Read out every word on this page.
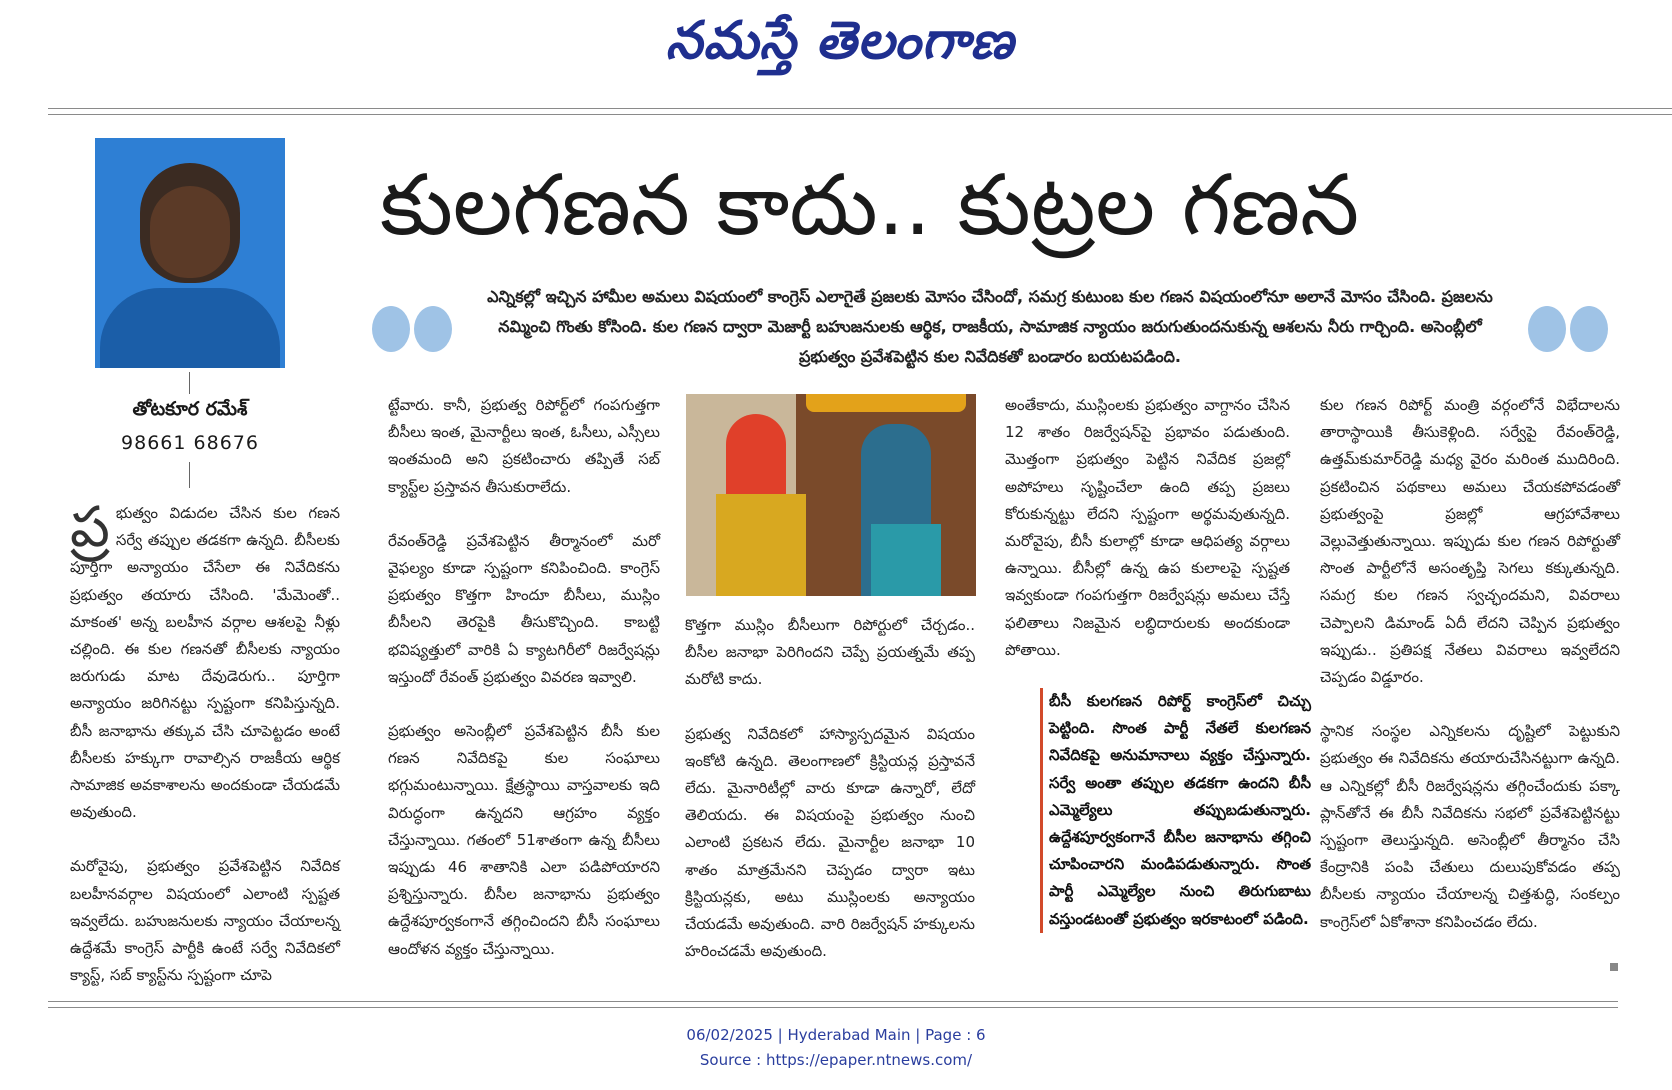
నమస్తే తెలంగాణ
తోటకూర రమేశ్
98661 68676
కులగణన కాదు.. కుట్రల గణన
ఎన్నికల్లో ఇచ్చిన హామీల అమలు విషయంలో కాంగ్రెస్ ఎలాగైతే ప్రజలకు మోసం చేసిందో, సమగ్ర కుటుంబ కుల గణన విషయంలోనూ అలానే మోసం చేసింది. ప్రజలను నమ్మించి గొంతు కోసింది. కుల గణన ద్వారా మెజార్టీ బహుజనులకు ఆర్థిక, రాజకీయ, సామాజిక న్యాయం జరుగుతుందనుకున్న ఆశలను నీరు గార్చింది. అసెంబ్లీలో ప్రభుత్వం ప్రవేశపెట్టిన కుల నివేదికతో బండారం బయటపడింది.

ప్ర భుత్వం విడుదల చేసిన కుల గణన సర్వే తప్పుల తడకగా ఉన్నది. బీసీలకు పూర్తిగా అన్యాయం చేసేలా ఈ నివేదికను ప్రభుత్వం తయారు చేసింది. 'మేమెంతో.. మాకంత' అన్న బలహీన వర్గాల ఆశలపై నీళ్లు చల్లింది. ఈ కుల గణనతో బీసీలకు న్యాయం జరుగుడు మాట దేవుడెరుగు.. పూర్తిగా అన్యాయం జరిగినట్టు స్పష్టంగా కనిపిస్తున్నది. బీసీ జనాభాను తక్కువ చేసి చూపెట్టడం అంటే బీసీలకు హక్కుగా రావాల్సిన రాజకీయ ఆర్థిక సామాజిక అవకాశాలను అందకుండా చేయడమే అవుతుంది.

మరోవైపు, ప్రభుత్వం ప్రవేశపెట్టిన నివేదిక బలహీనవర్గాల విషయంలో ఎలాంటి స్పష్టత ఇవ్వలేదు. బహుజనులకు న్యాయం చేయాలన్న ఉద్దేశమే కాంగ్రెస్ పార్టీకి ఉంటే సర్వే నివేదికలో క్యాస్ట్, సబ్ క్యాస్ట్‌ను స్పష్టంగా చూపె

ట్టేవారు. కానీ, ప్రభుత్వ రిపోర్ట్‌లో గంపగుత్తగా బీసీలు ఇంత, మైనార్టీలు ఇంత, ఓసీలు, ఎస్సీలు ఇంతమంది అని ప్రకటించారు తప్పితే సబ్ క్యాస్ట్‌ల ప్రస్తావన తీసుకురాలేదు.

రేవంత్‌రెడ్డి ప్రవేశపెట్టిన తీర్మానంలో మరో వైఫల్యం కూడా స్పష్టంగా కనిపించింది. కాంగ్రెస్ ప్రభుత్వం కొత్తగా హిందూ బీసీలు, ముస్లిం బీసీలని తెరపైకి తీసుకొచ్చింది. కాబట్టి భవిష్యత్తులో వారికి ఏ క్యాటగిరీలో రిజర్వేషన్లు ఇస్తుందో రేవంత్ ప్రభుత్వం వివరణ ఇవ్వాలి.

ప్రభుత్వం అసెంబ్లీలో ప్రవేశపెట్టిన బీసీ కుల గణన నివేదికపై కుల సంఘాలు భగ్గుమంటున్నాయి. క్షేత్రస్థాయి వాస్తవాలకు ఇది విరుద్ధంగా ఉన్నదని ఆగ్రహం వ్యక్తం చేస్తున్నాయి. గతంలో 51శాతంగా ఉన్న బీసీలు ఇప్పుడు 46 శాతానికి ఎలా పడిపోయారని ప్రశ్నిస్తున్నారు. బీసీల జనాభాను ప్రభుత్వం ఉద్దేశపూర్వకంగానే తగ్గించిందని బీసీ సంఘాలు ఆందోళన వ్యక్తం చేస్తున్నాయి.

కొత్తగా ముస్లిం బీసీలుగా రిపోర్టులో చేర్చడం.. బీసీల జనాభా పెరిగిందని చెప్పే ప్రయత్నమే తప్ప మరోటి కాదు.

ప్రభుత్వ నివేదికలో హాస్యాస్పదమైన విషయం ఇంకోటి ఉన్నది. తెలంగాణలో క్రిస్టియన్ల ప్రస్తావనే లేదు. మైనారిటీల్లో వారు కూడా ఉన్నారో, లేదో తెలియదు. ఈ విషయంపై ప్రభుత్వం నుంచి ఎలాంటి ప్రకటన లేదు. మైనార్టీల జనాభా 10 శాతం మాత్రమేనని చెప్పడం ద్వారా ఇటు క్రిస్టియన్లకు, అటు ముస్లింలకు అన్యాయం చేయడమే అవుతుంది. వారి రిజర్వేషన్ హక్కులను హరించడమే అవుతుంది.

అంతేకాదు, ముస్లింలకు ప్రభుత్వం వాగ్దానం చేసిన 12 శాతం రిజర్వేషన్‌పై ప్రభావం పడుతుంది. మొత్తంగా ప్రభుత్వం పెట్టిన నివేదిక ప్రజల్లో అపోహలు సృష్టించేలా ఉంది తప్ప ప్రజలు కోరుకున్నట్టు లేదని స్పష్టంగా అర్థమవుతున్నది. మరోవైపు, బీసీ కులాల్లో కూడా ఆధిపత్య వర్గాలు ఉన్నాయి. బీసీల్లో ఉన్న ఉప కులాలపై స్పష్టత ఇవ్వకుండా గంపగుత్తగా రిజర్వేషన్లు అమలు చేస్తే ఫలితాలు నిజమైన లబ్ధిదారులకు అందకుండా పోతాయి.

బీసీ కులగణన రిపోర్ట్ కాంగ్రెస్‌లో చిచ్చు పెట్టింది. సొంత పార్టీ నేతలే కులగణన నివేదికపై అనుమానాలు వ్యక్తం చేస్తున్నారు. సర్వే అంతా తప్పుల తడకగా ఉందని బీసీ ఎమ్మెల్యేలు తప్పుబడుతున్నారు. ఉద్దేశపూర్వకంగానే బీసీల జనాభాను తగ్గించి చూపించారని మండిపడుతున్నారు. సొంత పార్టీ ఎమ్మెల్యేల నుంచి తిరుగుబాటు వస్తుండటంతో ప్రభుత్వం ఇరకాటంలో పడింది.

కుల గణన రిపోర్ట్ మంత్రి వర్గంలోనే విభేదాలను తారాస్థాయికి తీసుకెళ్లింది. సర్వేపై రేవంత్‌రెడ్డి, ఉత్తమ్‌కుమార్‌రెడ్డి మధ్య వైరం మరింత ముదిరింది. ప్రకటించిన పథకాలు అమలు చేయకపోవడంతో ప్రభుత్వంపై ప్రజల్లో ఆగ్రహావేశాలు వెల్లువెత్తుతున్నాయి. ఇప్పుడు కుల గణన రిపోర్టుతో సొంత పార్టీలోనే అసంతృప్తి సెగలు కక్కుతున్నది. సమగ్ర కుల గణన స్వచ్ఛందమని, వివరాలు చెప్పాలని డిమాండ్ ఏదీ లేదని చెప్పిన ప్రభుత్వం ఇప్పుడు.. ప్రతిపక్ష నేతలు వివరాలు ఇవ్వలేదని చెప్పడం విడ్డూరం.

స్థానిక సంస్థల ఎన్నికలను దృష్టిలో పెట్టుకుని ప్రభుత్వం ఈ నివేదికను తయారుచేసినట్టుగా ఉన్నది. ఆ ఎన్నికల్లో బీసీ రిజర్వేషన్లను తగ్గించేందుకు పక్కా ప్లాన్‌తోనే ఈ బీసీ నివేదికను సభలో ప్రవేశపెట్టినట్టు స్పష్టంగా తెలుస్తున్నది. అసెంబ్లీలో తీర్మానం చేసి కేంద్రానికి పంపి చేతులు దులుపుకోవడం తప్ప బీసీలకు న్యాయం చేయాలన్న చిత్తశుద్ధి, సంకల్పం కాంగ్రెస్‌లో ఏకోశానా కనిపించడం లేదు.

06/02/2025 | Hyderabad Main | Page : 6
Source : https://epaper.ntnews.com/
